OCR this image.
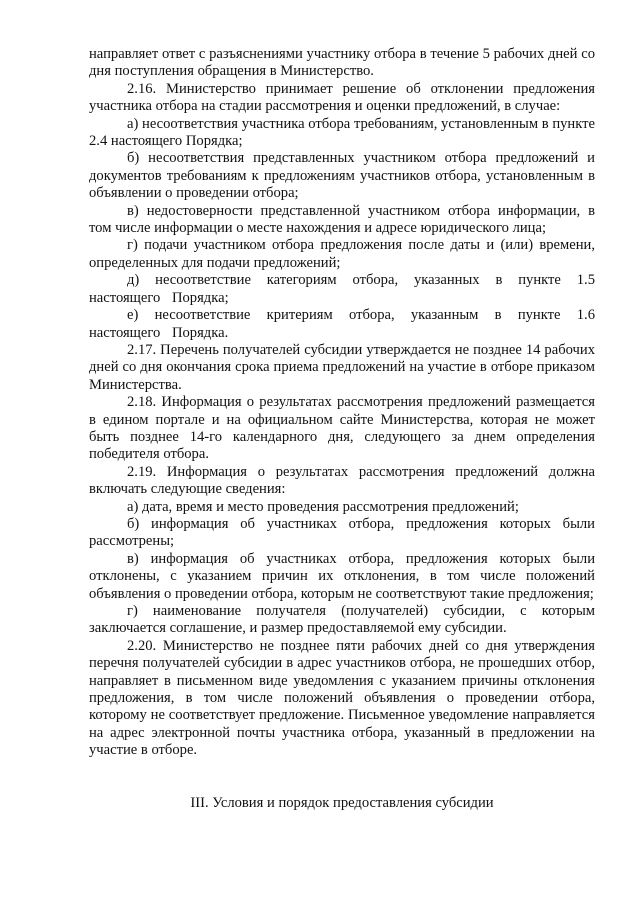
направляет ответ с разъяснениями участнику отбора в течение 5 рабочих дней со дня поступления обращения в Министерство.

2.16. Министерство принимает решение об отклонении предложения участника отбора на стадии рассмотрения и оценки предложений, в случае:

а) несоответствия участника отбора требованиям, установленным в пункте 2.4 настоящего Порядка;

б) несоответствия представленных участником отбора предложений и документов требованиям к предложениям участников отбора, установленным в объявлении о проведении отбора;

в) недостоверности представленной участником отбора информации, в том числе информации о месте нахождения и адресе юридического лица;

г) подачи участником отбора предложения после даты и (или) времени, определенных для подачи предложений;

д) несоответствие категориям отбора, указанных в пункте 1.5 настоящего Порядка;

е) несоответствие критериям отбора, указанным в пункте 1.6 настоящего Порядка.

2.17. Перечень получателей субсидии утверждается не позднее 14 рабочих дней со дня окончания срока приема предложений на участие в отборе приказом Министерства.

2.18. Информация о результатах рассмотрения предложений размещается в едином портале и на официальном сайте Министерства, которая не может быть позднее 14-го календарного дня, следующего за днем определения победителя отбора.

2.19. Информация о результатах рассмотрения предложений должна включать следующие сведения:

а) дата, время и место проведения рассмотрения предложений;

б) информация об участниках отбора, предложения которых были рассмотрены;

в) информация об участниках отбора, предложения которых были отклонены, с указанием причин их отклонения, в том числе положений объявления о проведении отбора, которым не соответствуют такие предложения;

г) наименование получателя (получателей) субсидии, с которым заключается соглашение, и размер предоставляемой ему субсидии.

2.20. Министерство не позднее пяти рабочих дней со дня утверждения перечня получателей субсидии в адрес участников отбора, не прошедших отбор, направляет в письменном виде уведомления с указанием причины отклонения предложения, в том числе положений объявления о проведении отбора, которому не соответствует предложение. Письменное уведомление направляется на адрес электронной почты участника отбора, указанный в предложении на участие в отборе.

III. Условия и порядок предоставления субсидии
